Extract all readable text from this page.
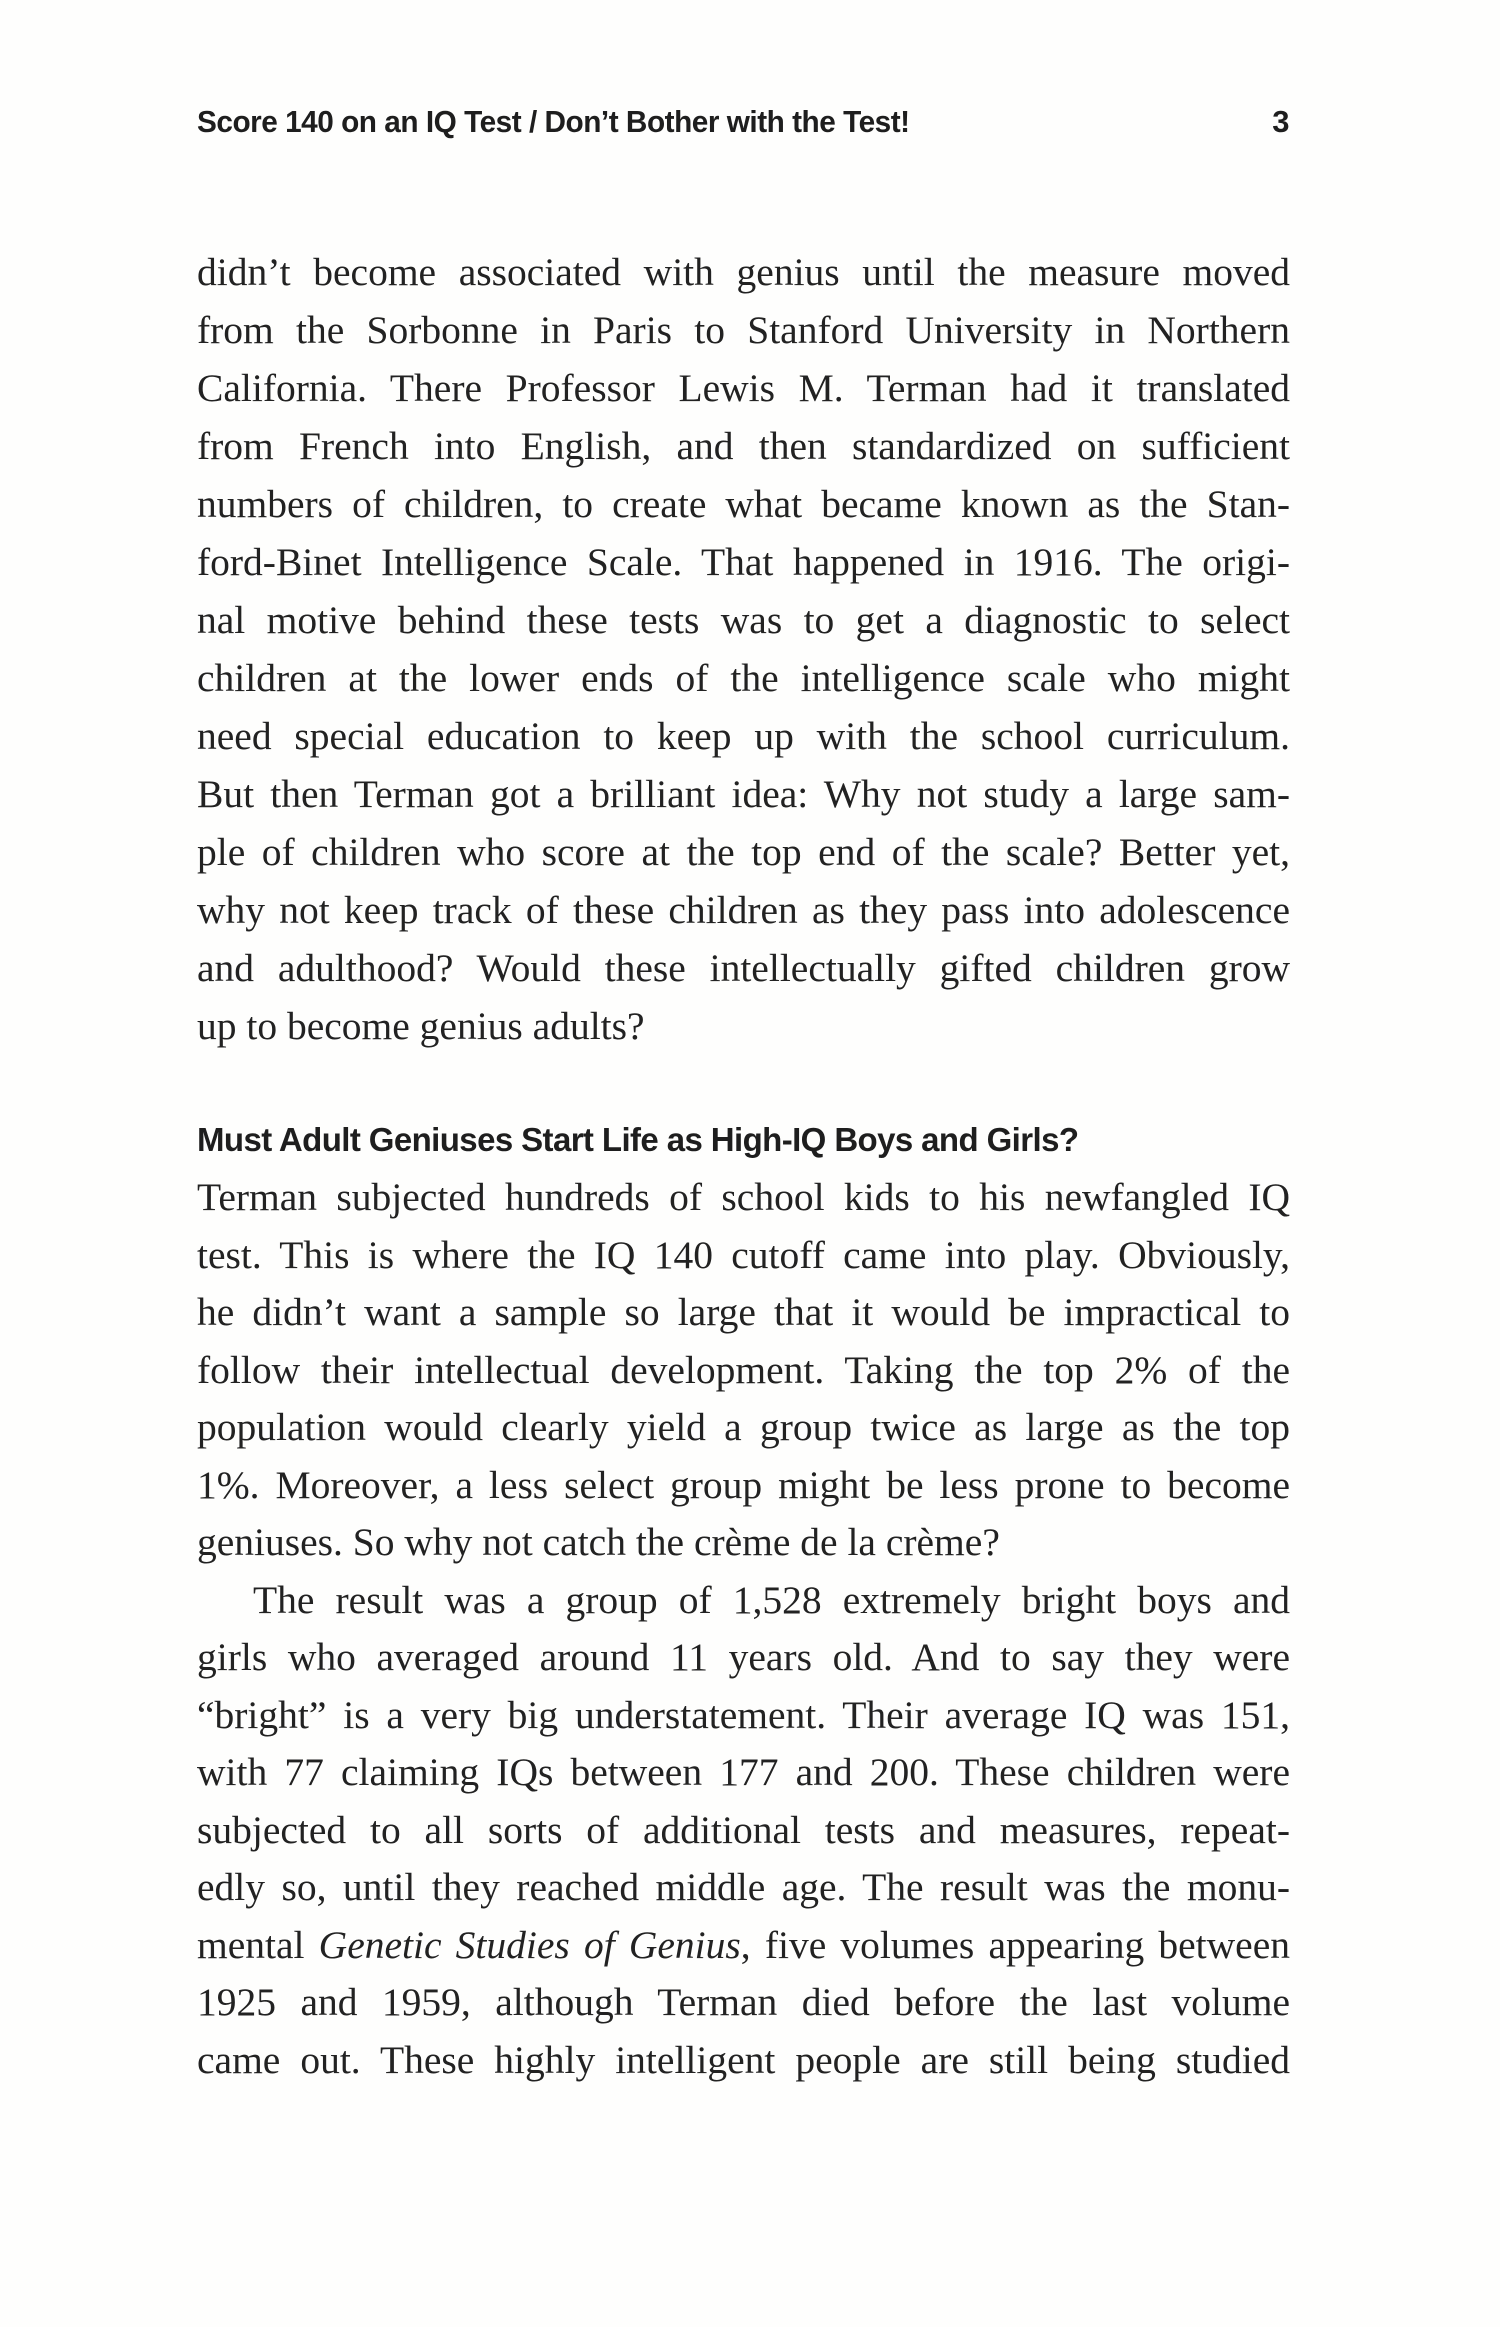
Score 140 on an IQ Test / Don’t Bother with the Test!	3
didn’t become associated with genius until the measure moved
from the Sorbonne in Paris to Stanford University in Northern
California. There Professor Lewis M. Terman had it translated
from French into English, and then standardized on sufficient
numbers of children, to create what became known as the Stan-
ford-Binet Intelligence Scale. That happened in 1916. The origi-
nal motive behind these tests was to get a diagnostic to select
children at the lower ends of the intelligence scale who might
need special education to keep up with the school curriculum.
But then Terman got a brilliant idea: Why not study a large sam-
ple of children who score at the top end of the scale? Better yet,
why not keep track of these children as they pass into adolescence
and adulthood? Would these intellectually gifted children grow
up to become genius adults?
Must Adult Geniuses Start Life as High-IQ Boys and Girls?
Terman subjected hundreds of school kids to his newfangled IQ
test. This is where the IQ 140 cutoff came into play. Obviously,
he didn’t want a sample so large that it would be impractical to
follow their intellectual development. Taking the top 2% of the
population would clearly yield a group twice as large as the top
1%. Moreover, a less select group might be less prone to become
geniuses. So why not catch the crème de la crème?
The result was a group of 1,528 extremely bright boys and
girls who averaged around 11 years old. And to say they were
“bright” is a very big understatement. Their average IQ was 151,
with 77 claiming IQs between 177 and 200. These children were
subjected to all sorts of additional tests and measures, repeat-
edly so, until they reached middle age. The result was the monu-
mental Genetic Studies of Genius, five volumes appearing between
1925 and 1959, although Terman died before the last volume
came out. These highly intelligent people are still being studied
